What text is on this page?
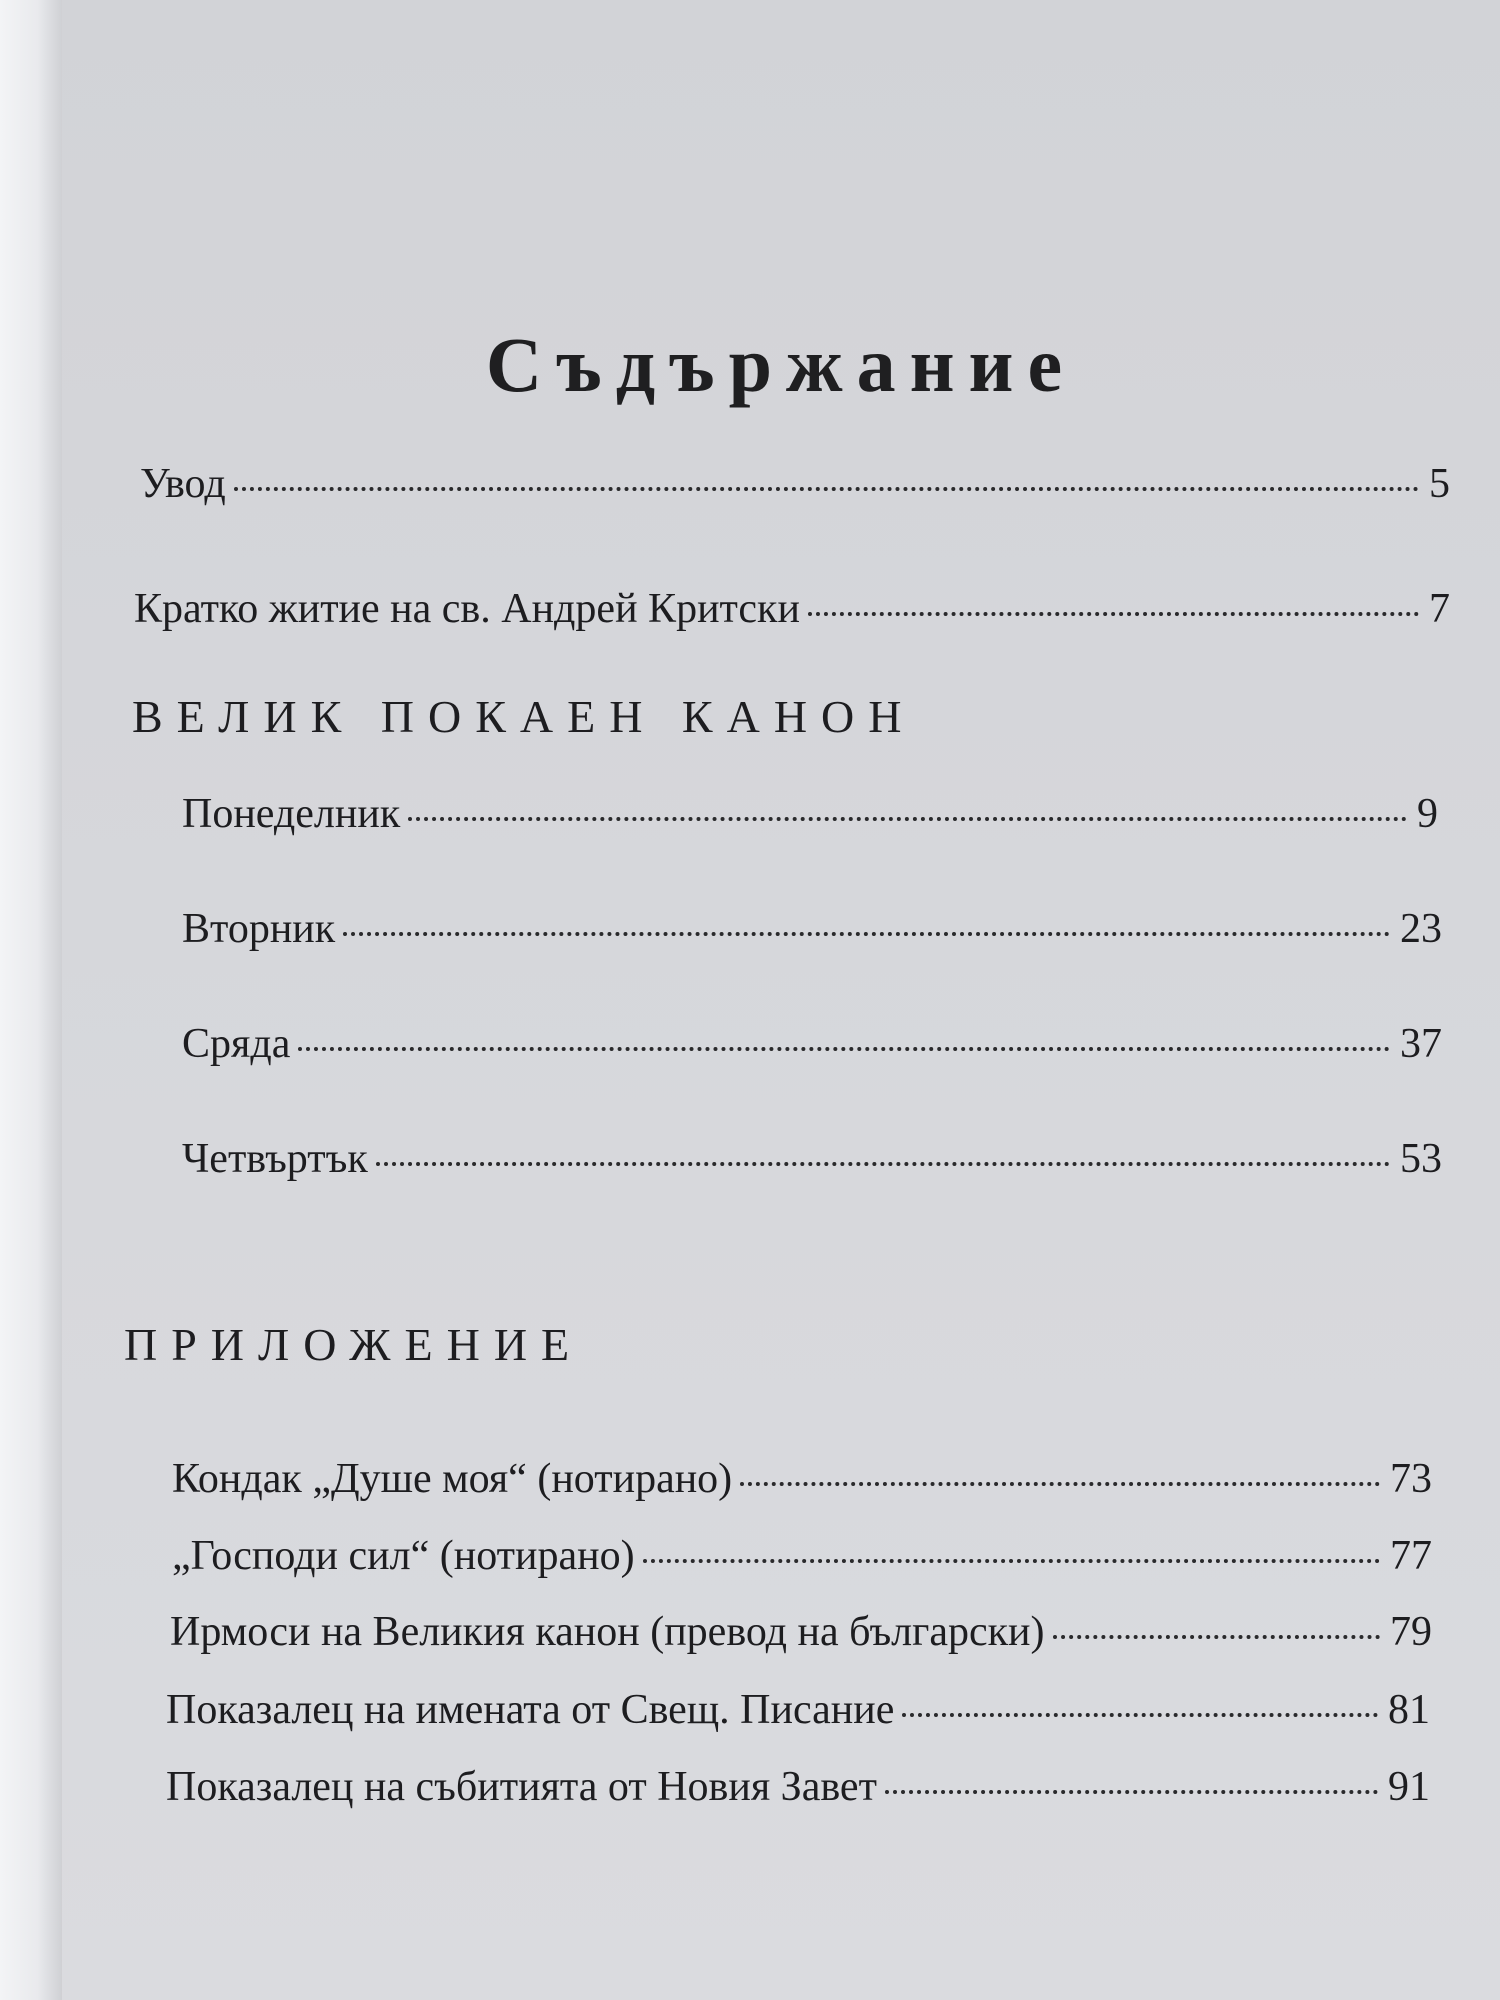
Съдържание
Увод	5
Кратко житие на св. Андрей Критски	7
ВЕЛИК ПОКАЕН КАНОН
Понеделник	9
Вторник	23
Сряда	37
Четвъртък	53
ПРИЛОЖЕНИЕ
Кондак „Душе моя“ (нотирано)	73
„Господи сил“ (нотирано)	77
Ирмоси на Великия канон (превод на български)	79
Показалец на имената от Свещ. Писание	81
Показалец на събитията от Новия Завет	91
